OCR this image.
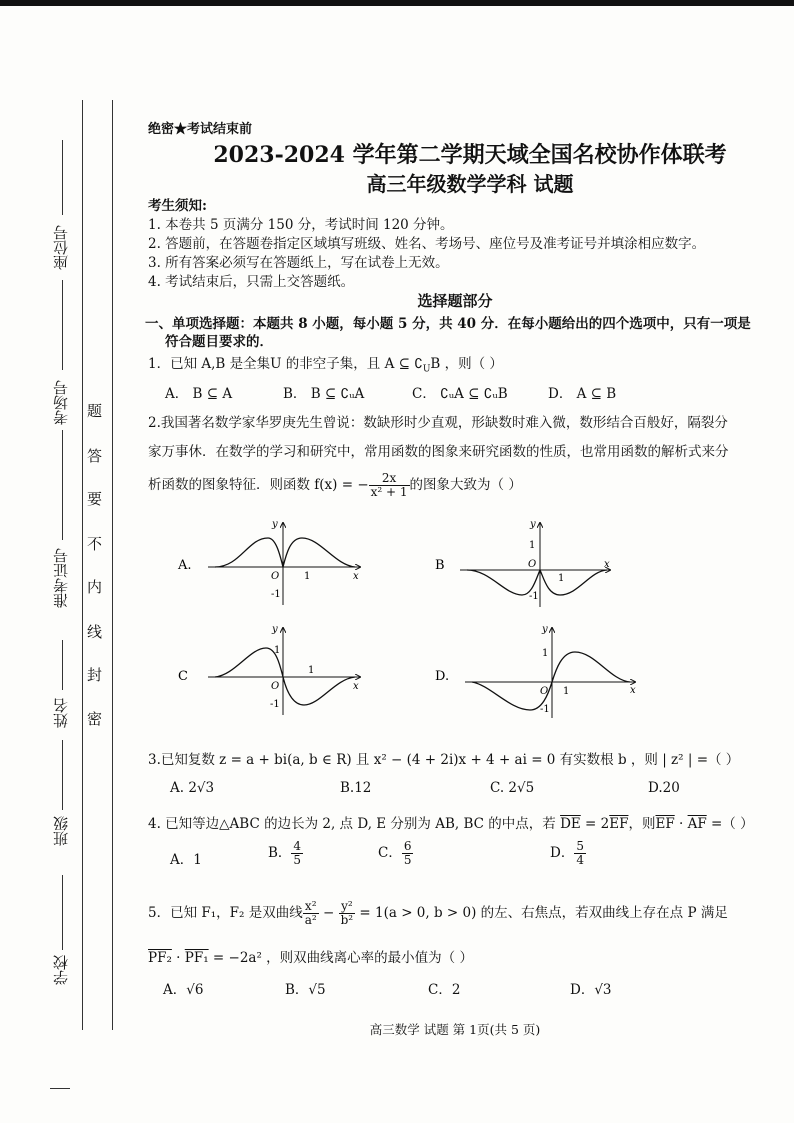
座位号
考场号
准考证号
姓名
班级
学校
题
答
要
不
内
线
封
密
绝密★考试结束前
2023-2024 学年第二学期天域全国名校协作体联考
高三年级数学学科 试题
考生须知:
1. 本卷共 5 页满分 150 分，考试时间 120 分钟。
2. 答题前，在答题卷指定区域填写班级、姓名、考场号、座位号及准考证号并填涂相应数字。
3. 所有答案必须写在答题纸上，写在试卷上无效。
4. 考试结束后，只需上交答题纸。
选择题部分
一、单项选择题：本题共 8 小题，每小题 5 分，共 40 分．在每小题给出的四个选项中，只有一项是
符合题目要求的．
1．已知 A,B 是全集U 的非空子集，且 A ⊆ $∁_UB$ ，则（ ）
A． B ⊆ A	B． B ⊆ ∁ᵤA	C． ∁ᵤA ⊆ ∁ᵤB	D． A ⊆ B
2.我国著名数学家华罗庚先生曾说：数缺形时少直观，形缺数时难入微，数形结合百般好，隔裂分
家万事休．在数学的学习和研究中，常用函数的图象来研究函数的性质，也常用函数的解析式来分
析函数的图象特征．则函数 f(x) = − $\frac{2x}{\text{x² + 1}}$ 的图象大致为（ ）
A.
y
x
O 1
-1
B
y
x
O
1
1
-1
C
y
x
O
1
1
-1
D.
y
x
O 1
1
-1
3.已知复数 z = a + bi(a, b ∈ R) 且 x² − (4 + 2i)x + 4 + ai = 0 有实数根 b ，则 | z² | =（ ）
A. 2√3	B.12	C. 2√5	D.20
4. 已知等边△ABC 的边长为 2, 点 D, E 分别为 AB, BC 的中点，若 $\overline{DE} = 2\overline{EF}$，则$\overline{EF} \cdot \overline{AF}$ =（ ）
A．1	B． $\frac{4}{5}$	C． $\frac{6}{5}$	D． $\frac{5}{4}$
5．已知 F₁，F₂ 是双曲线 $\frac{\text{x²}}{\text{a²}} - \frac{\text{y²}}{\text{b²}} = 1(a > 0$, b > 0) 的左、右焦点，若双曲线上存在点 P 满足
PF₂ · PF₁ = −2a² ，则双曲线离心率的最小值为（ ）
A．√6	B．√5	C．2	D．√3
高三数学 试题 第 1页(共 5 页)
